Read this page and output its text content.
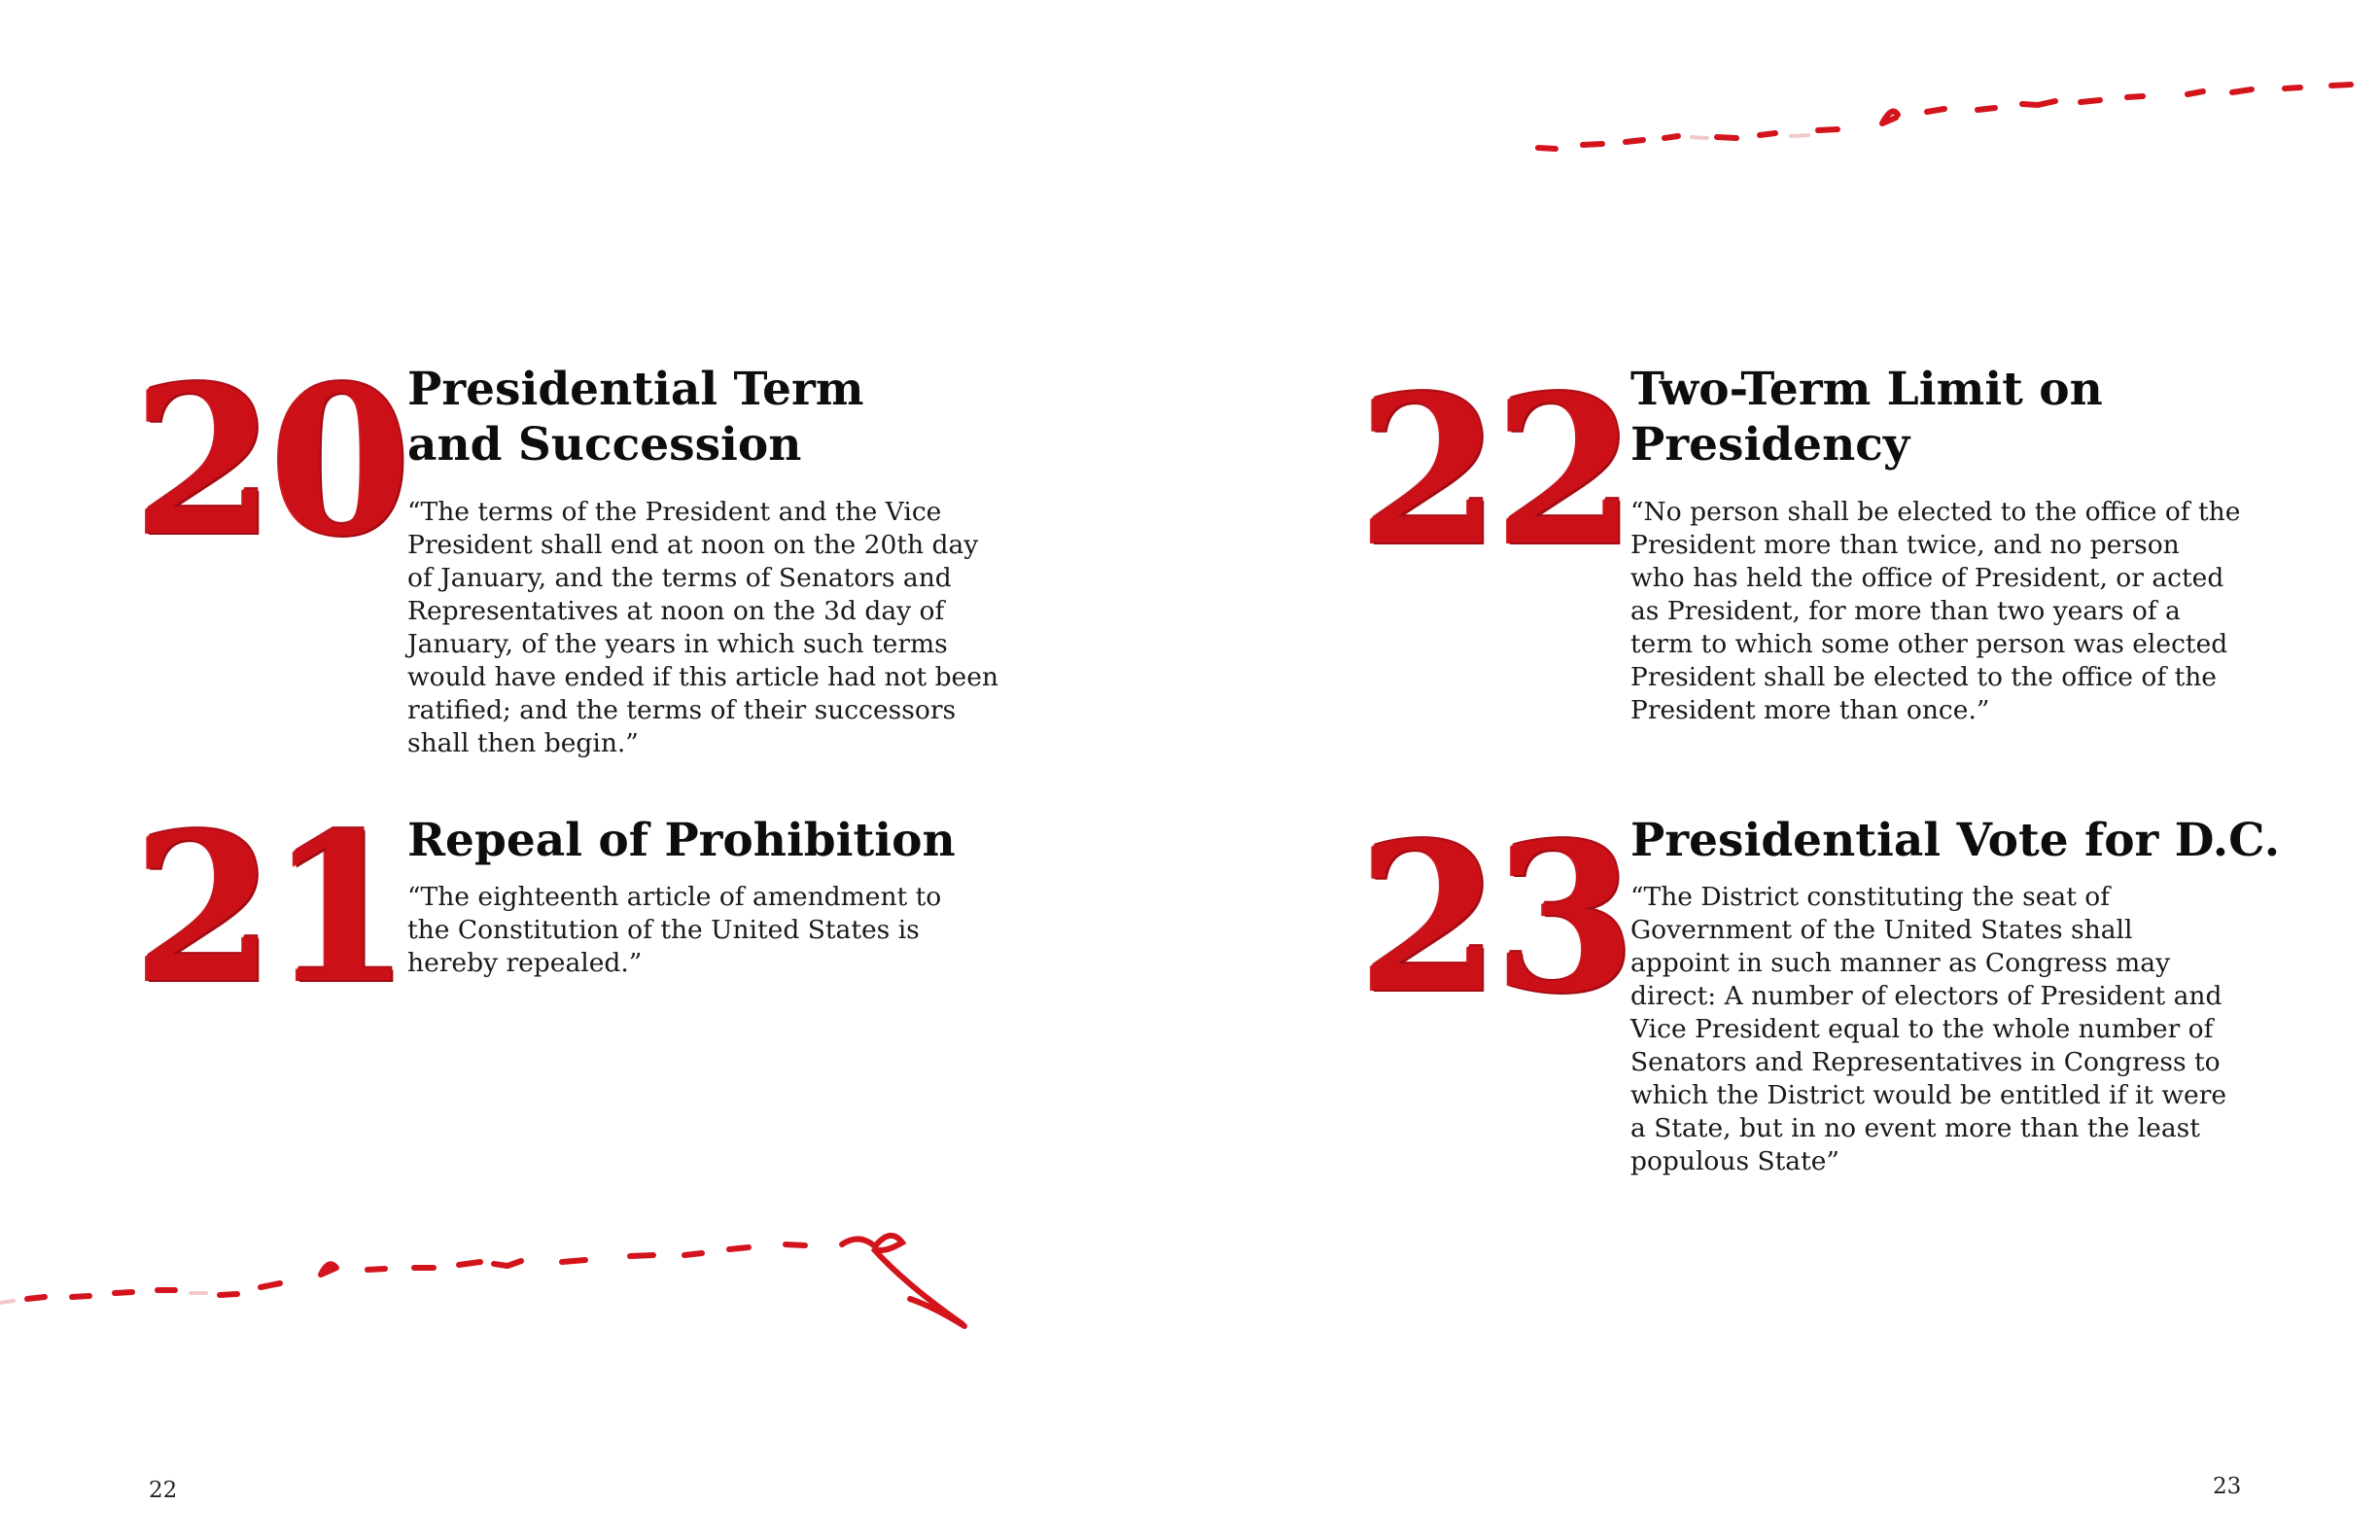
20 Presidential Term
and Succession

“The terms of the President and the Vice
President shall end at noon on the 20th day
of January, and the terms of Senators and
Representatives at noon on the 3d day of
January, of the years in which such terms
would have ended if this article had not been
ratified; and the terms of their successors
shall then begin.”

21 Repeal of Prohibition

“The eighteenth article of amendment to
the Constitution of the United States is
hereby repealed.”

22 Two-Term Limit on
Presidency

“No person shall be elected to the office of the
President more than twice, and no person
who has held the office of President, or acted
as President, for more than two years of a
term to which some other person was elected
President shall be elected to the office of the
President more than once.”

23 Presidential Vote for D.C.

“The District constituting the seat of
Government of the United States shall
appoint in such manner as Congress may
direct: A number of electors of President and
Vice President equal to the whole number of
Senators and Representatives in Congress to
which the District would be entitled if it were
a State, but in no event more than the least
populous State”

22	23
